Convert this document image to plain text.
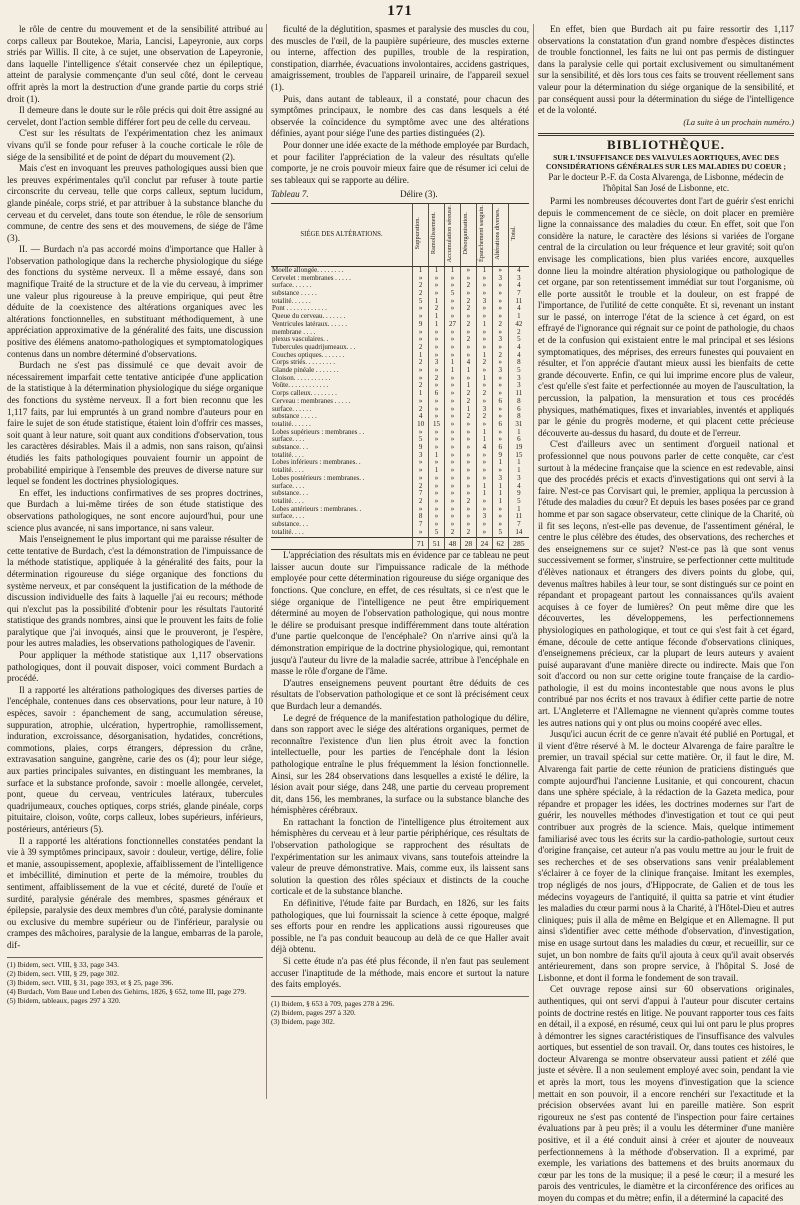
171

le rôle de centre du mouvement et de la sensibilité attribué au corps calleux par Boutekoe, Maria, Lancisi, Lapeyronie, aux corps striés par Willis. Il cite, à ce sujet, une observation de Lapeyronie, dans laquelle l'intelligence s'était conservée chez un épileptique, atteint de paralysie commençante d'un seul côté, dont le cerveau offrit après la mort la destruction d'une grande partie du corps strié droit (1).

Il demeure dans le doute sur le rôle précis qui doit être assigné au cervelet, dont l'action semble différer fort peu de celle du cerveau.

C'est sur les résultats de l'expérimentation chez les animaux vivans qu'il se fonde pour refuser à la couche corticale le rôle de siége de la sensibilité et de point de départ du mouvement (2).

Mais c'est en invoquant les preuves pathologiques aussi bien que les preuves expérimentales qu'il conclut par refuser à toute partie circonscrite du cerveau, telle que corps calleux, septum lucidum, glande pinéale, corps strié, et par attribuer à la substance blanche du cerveau et du cervelet, dans toute son étendue, le rôle de sensorium commune, de centre des sens et des mouvemens, de siége de l'âme (3).

II. — Burdach n'a pas accordé moins d'importance que Haller à l'observation pathologique dans la recherche physiologique du siége des fonctions du système nerveux. Il a même essayé, dans son magnifique Traité de la structure et de la vie du cerveau, à imprimer une valeur plus rigoureuse à la preuve empirique, qui peut être déduite de la coexistence des altérations organiques avec les altérations fonctionnelles, en substituant méthodiquement, à une appréciation approximative de la généralité des faits, une discussion positive des élémens anatomo-pathologiques et symptomatologiques contenus dans un nombre déterminé d'observations.

Burdach ne s'est pas dissimulé ce que devait avoir de nécessairement imparfait cette tentative anticipée d'une application de la statistique à la détermination physiologique du siége organique des fonctions du système nerveux. Il a fort bien reconnu que les 1,117 faits, par lui empruntés à un grand nombre d'auteurs pour en faire le sujet de son étude statistique, étaient loin d'offrir ces masses, soit quant à leur nature, soit quant aux conditions d'observation, tous les caractères désirables. Mais il a admis, non sans raison, qu'ainsi étudiés les faits pathologiques pouvaient fournir un appoint de probabilité empirique à l'ensemble des preuves de diverse nature sur lequel se fondent les doctrines physiologiques.

En effet, les inductions confirmatives de ses propres doctrines, que Burdach a lui-même tirées de son étude statistique des observations pathologiques, ne sont encore aujourd'hui, pour une science plus avancée, ni sans importance, ni sans valeur.

Mais l'enseignement le plus important qui me paraisse résulter de cette tentative de Burdach, c'est la démonstration de l'impuissance de la méthode statistique, appliquée à la généralité des faits, pour la détermination rigoureuse du siége organique des fonctions du système nerveux, et par conséquent la justification de la méthode de discussion individuelle des faits à laquelle j'ai eu recours; méthode qui n'exclut pas la possibilité d'obtenir pour les résultats l'autorité statistique des grands nombres, ainsi que le prouvent les faits de folie paralytique que j'ai invoqués, ainsi que le prouveront, je l'espère, pour les autres maladies, les observations pathologiques de l'avenir.

Pour appliquer la méthode statistique aux 1,117 observations pathologiques, dont il pouvait disposer, voici comment Burdach a procédé.

Il a rapporté les altérations pathologiques des diverses parties de l'encéphale, contenues dans ces observations, pour leur nature, à 10 espèces, savoir : épanchement de sang, accumulation séreuse, suppuration, atrophie, ulcération, hypertrophie, ramollissement, induration, excroissance, désorganisation, hydatides, concrétions, commotions, plaies, corps étrangers, dépression du crâne, extravasation sanguine, gangrène, carie des os (4); pour leur siége, aux parties principales suivantes, en distinguant les membranes, la surface et la substance profonde, savoir : moelle allongée, cervelet, pont, queue du cerveau, ventricules latéraux, tubercules quadrijumeaux, couches optiques, corps striés, glande pinéale, corps pituitaire, cloison, voûte, corps calleux, lobes supérieurs, inférieurs, postérieurs, antérieurs (5).

Il a rapporté les altérations fonctionnelles constatées pendant la vie à 39 symptômes principaux, savoir : douleur, vertige, délire, folie et manie, assoupissement, apoplexie, affaiblissement de l'intelligence et imbécillité, diminution et perte de la mémoire, troubles du sentiment, affaiblissement de la vue et cécité, dureté de l'ouïe et surdité, paralysie générale des membres, spasmes généraux et épilepsie, paralysie des deux membres d'un côté, paralysie dominante ou exclusive du membre supérieur ou de l'inférieur, paralysie ou crampes des mâchoires, paralysie de la langue, embarras de la parole, dif-

(1) Ibidem, sect. VIII, § 33, page 343.
(2) Ibidem, sect. VIII, § 29, page 302.
(3) Ibidem, sect. VIII, § 31, page 393, et § 25, page 396.
(4) Burdach, Vom Baue und Leben des Gehirns, 1826, § 652, tome III, page 279.
(5) Ibidem, tableaux, pages 297 à 320.

ficulté de la déglutition, spasmes et paralysie des muscles du cou, des muscles de l'œil, de la paupière supérieure, des muscles externe ou interne, affection des pupilles, trouble de la respiration, constipation, diarrhée, évacuations involontaires, accidens gastriques, amaigrissement, troubles de l'appareil urinaire, de l'appareil sexuel (1).

Puis, dans autant de tableaux, il a constaté, pour chacun des symptômes principaux, le nombre des cas dans lesquels a été observée la coïncidence du symptôme avec une des altérations définies, ayant pour siége l'une des parties distinguées (2).

Pour donner une idée exacte de la méthode employée par Burdach, et pour faciliter l'appréciation de la valeur des résultats qu'elle comporte, je ne crois pouvoir mieux faire que de résumer ici celui de ses tableaux qui se rapporte au délire.

Tableau 7.	Délire (3).
SIÉGE DES ALTÉRATIONS.	Suppuration.	Ramollissement.	Accumulation séreuse.	Désorganisation.	Épanchement sanguin.	Altérations diverses.	Total.
Moelle allongée. . . . . . . .	1	1	1	»	1	»	4
Cervelet : membranes . . . . .	»	»	»	»	»	3	3
surface. . . . . .	2	»	»	2	»	»	4
substance . . . . .	2	»	5	»	»	»	7
totalité. . . . . .	5	1	»	2	3	»	11
Pont . . . . . . . . . . . .	»	2	»	2	»	»	4
Queue du cerveau. . . . . . .	»	1	»	»	»	»	1
Ventricules latéraux. . . . . .	9	1	27	2	1	2	42
membrane . . . .	»	»	»	»	»	»	2
plexus vasculaires. .	»	»	»	2	»	3	5
Tubercules quadrijumeaux. . .	2	»	»	»	»	»	4
Couches optiques. . . . . . .	1	»	»	»	1	2	4
Corps striés. . . . . . . . .	2	3	1	4	2	»	8
Glande pinéale . . . . . . .	»	»	1	1	»	3	5
Cloison. . . . . . . . . . .	»	2	»	»	1	»	3
Voûte. . . . . . . . . . . .	2	»	»	1	»	»	3
Corps calleux. . . . . . . .	1	6	»	2	2	»	11
Cerveau : membranes . . . . .	»	»	»	2	»	6	8
surface. . . . . .	2	»	»	1	3	»	6
substance . . . . .	4	»	»	2	2	»	8
totalité. . . . . .	10	15	»	»	»	6	31
Lobes supérieurs : membranes . .	»	»	»	»	1	»	1
surface. . . .	5	»	»	»	1	»	6
substance. . .	9	»	»	»	4	6	19
totalité. . . .	3	1	»	»	»	9	15
Lobes inférieurs : membranes. .	»	»	»	»	»	1	1
totalité. . . .	»	1	»	»	»	»	1
Lobes postérieurs : membranes. .	»	»	»	»	»	3	3
surface. . . .	2	»	»	»	1	1	4
substance. . .	7	»	»	»	1	1	9
totalité. . . .	2	»	»	2	»	1	5
Lobes antérieurs : membranes. .	»	»	»	»	»	»	1
surface. . . .	8	»	»	»	3	»	11
substance. . .	7	»	»	»	»	»	7
totalité. . . .	»	5	2	2	»	5	14
	71	51	48	28	24	62	285

L'appréciation des résultats mis en évidence par ce tableau ne peut laisser aucun doute sur l'impuissance radicale de la méthode employée pour cette détermination rigoureuse du siége organique des fonctions. Que conclure, en effet, de ces résultats, si ce n'est que le siége organique de l'intelligence ne peut être empiriquement déterminé au moyen de l'observation pathologique, qui nous montre le délire se produisant presque indifféremment dans toute altération d'une partie quelconque de l'encéphale? On n'arrive ainsi qu'à la démonstration empirique de la doctrine physiologique, qui, remontant jusqu'à l'auteur du livre de la maladie sacrée, attribue à l'encéphale en masse le rôle d'organe de l'âme.

D'autres enseignemens peuvent pourtant être déduits de ces résultats de l'observation pathologique et ce sont là précisément ceux que Burdach leur a demandés.

Le degré de fréquence de la manifestation pathologique du délire, dans son rapport avec le siége des altérations organiques, permet de reconnaître l'existence d'un lien plus étroit avec la fonction intellectuelle, pour les parties de l'encéphale dont la lésion pathologique entraîne le plus fréquemment la lésion fonctionnelle. Ainsi, sur les 284 observations dans lesquelles a existé le délire, la lésion avait pour siége, dans 248, une partie du cerveau proprement dit, dans 156, les membranes, la surface ou la substance blanche des hémisphères cérébraux.

En rattachant la fonction de l'intelligence plus étroitement aux hémisphères du cerveau et à leur partie périphérique, ces résultats de l'observation pathologique se rapprochent des résultats de l'expérimentation sur les animaux vivans, sans toutefois atteindre la valeur de preuve démonstrative. Mais, comme eux, ils laissent sans solution la question des rôles spéciaux et distincts de la couche corticale et de la substance blanche.

En définitive, l'étude faite par Burdach, en 1826, sur les faits pathologiques, que lui fournissait la science à cette époque, malgré ses efforts pour en rendre les applications aussi rigoureuses que possible, ne l'a pas conduit beaucoup au delà de ce que Haller avait déjà obtenu.

Si cette étude n'a pas été plus féconde, il n'en faut pas seulement accuser l'inaptitude de la méthode, mais encore et surtout la nature des faits employés.

(1) Ibidem, § 653 à 709, pages 278 à 296.
(2) Ibidem, pages 297 à 320.
(3) Ibidem, page 302.

En effet, bien que Burdach ait pu faire ressortir des 1,117 observations la constatation d'un grand nombre d'espèces distinctes de trouble fonctionnel, les faits ne lui ont pas permis de distinguer dans la paralysie celle qui portait exclusivement ou simultanément sur la sensibilité, et dès lors tous ces faits se trouvent réellement sans valeur pour la détermination du siége organique de la sensibilité, et par conséquent aussi pour la détermination du siége de l'intelligence et de la volonté.

(La suite à un prochain numéro.)

BIBLIOTHÈQUE.
SUR L'INSUFFISANCE DES VALVULES AORTIQUES, AVEC DES CONSIDÉRATIONS GÉNÉRALES SUR LES MALADIES DU COEUR ;
Par le docteur P.-F. da Costa Alvarenga, de Lisbonne, médecin de l'hôpital San José de Lisbonne, etc.

Parmi les nombreuses découvertes dont l'art de guérir s'est enrichi depuis le commencement de ce siècle, on doit placer en première ligne la connaissance des maladies du cœur. En effet, soit que l'on considère la nature, le caractère des lésions si variées de l'organe central de la circulation ou leur fréquence et leur gravité; soit qu'on envisage les complications, bien plus variées encore, auxquelles donne lieu la moindre altération physiologique ou pathologique de cet organe, par son retentissement immédiat sur tout l'organisme, où elle porte aussitôt le trouble et la douleur, on est frappé de l'importance, de l'utilité de cette conquête. Et si, revenant un instant sur le passé, on interroge l'état de la science à cet égard, on est effrayé de l'ignorance qui régnait sur ce point de pathologie, du chaos et de la confusion qui existaient entre le mal principal et ses lésions symptomatiques, des méprises, des erreurs funestes qui pouvaient en résulter, et l'on apprécie d'autant mieux aussi les bienfaits de cette grande découverte. Enfin, ce qui lui imprime encore plus de valeur, c'est qu'elle s'est faite et perfectionnée au moyen de l'auscultation, la percussion, la palpation, la mensuration et tous ces procédés physiques, mathématiques, fixes et invariables, inventés et appliqués par le génie du progrès moderne, et qui placent cette précieuse découverte au-dessus du hasard, du doute et de l'erreur.

C'est d'ailleurs avec un sentiment d'orgueil national et professionnel que nous pouvons parler de cette conquête, car c'est surtout à la médecine française que la science en est redevable, ainsi que des procédés précis et exacts d'investigations qui ont servi à la faire. N'est-ce pas Corvisart qui, le premier, appliqua la percussion à l'étude des maladies du cœur? Et depuis les bases posées par ce grand homme et par son sagace observateur, cette clinique de la Charité, où il fit ses leçons, n'est-elle pas devenue, de l'assentiment général, le centre le plus célèbre des études, des observations, des recherches et des enseignemens sur ce sujet? N'est-ce pas là que sont venus successivement se former, s'instruire, se perfectionner cette multitude d'élèves nationaux et étrangers des divers points du globe, qui, devenus maîtres habiles à leur tour, se sont distingués sur ce point en répandant et propageant partout les connaissances qu'ils avaient acquises à ce foyer de lumières? On peut même dire que les découvertes, les développemens, les perfectionnemens physiologiques en pathologique, et tout ce qui s'est fait à cet égard, émane, découle de cette antique féconde d'observations cliniques, d'enseignemens précieux, car la plupart de leurs auteurs y avaient puisé auparavant d'une manière directe ou indirecte. Mais que l'on soit d'accord ou non sur cette origine toute française de la cardio-pathologie, il est du moins incontestable que nous avons le plus contribué par nos écrits et nos travaux à édifier cette partie de notre art. L'Angleterre et l'Allemagne ne viennent qu'après comme toutes les autres nations qui y ont plus ou moins coopéré avec elles.

Jusqu'ici aucun écrit de ce genre n'avait été publié en Portugal, et il vient d'être réservé à M. le docteur Alvarenga de faire paraître le premier, un travail spécial sur cette matière. Or, il faut le dire, M. Alvarenga fait partie de cette réunion de praticiens distingués que compte aujourd'hui l'ancienne Lusitanie, et qui concourent, chacun dans une sphère spéciale, à la rédaction de la Gazeta medica, pour répandre et propager les idées, les doctrines modernes sur l'art de guérir, les nouvelles méthodes d'investigation et tout ce qui peut contribuer aux progrès de la science. Mais, quelque intimement familiarisé avec tous les écrits sur la cardio-pathologie, surtout ceux d'origine française, cet auteur n'a pas voulu mettre au jour le fruit de ses recherches et de ses observations sans venir préalablement s'éclairer à ce foyer de la clinique française. Imitant les exemples, trop négligés de nos jours, d'Hippocrate, de Galien et de tous les médecins voyageurs de l'antiquité, il quitta sa patrie et vint étudier les maladies du cœur parmi nous à la Charité, à l'Hôtel-Dieu et autres cliniques; puis il alla de même en Belgique et en Allemagne. Il put ainsi s'identifier avec cette méthode d'observation, d'investigation, mise en usage surtout dans les maladies du cœur, et recueillir, sur ce sujet, un bon nombre de faits qu'il ajouta à ceux qu'il avait observés antérieurement, dans son propre service, à l'hôpital S. José de Lisbonne, et dont il forma le fondement de son travail.

Cet ouvrage repose ainsi sur 60 observations originales, authentiques, qui ont servi d'appui à l'auteur pour discuter certains points de doctrine restés en litige. Ne pouvant rapporter tous ces faits en détail, il a exposé, en résumé, ceux qui lui ont paru le plus propres à démontrer les signes caractéristiques de l'insuffisance des valvules aortiques, but essentiel de son travail. Or, dans toutes ces histoires, le docteur Alvarenga se montre observateur aussi patient et zélé que juste et sévère. Il a non seulement employé avec soin, pendant la vie et après la mort, tous les moyens d'investigation que la science mettait en son pouvoir, il a encore renchéri sur l'exactitude et la précision observées avant lui en pareille matière. Son esprit rigoureux ne s'est pas contenté de l'inspection pour faire certaines évaluations par à peu près; il a voulu les déterminer d'une manière positive, et il a été conduit ainsi à créer et ajouter de nouveaux perfectionnemens à la méthode d'observation. Il a exprimé, par exemple, les variations des battemens et des bruits anormaux du cœur par les tons de la musique; il a pesé le cœur; il a mesuré les parois des ventricules, le diamètre et la circonférence des orifices au moyen du compas et du mètre; enfin, il a déterminé la capacité des
